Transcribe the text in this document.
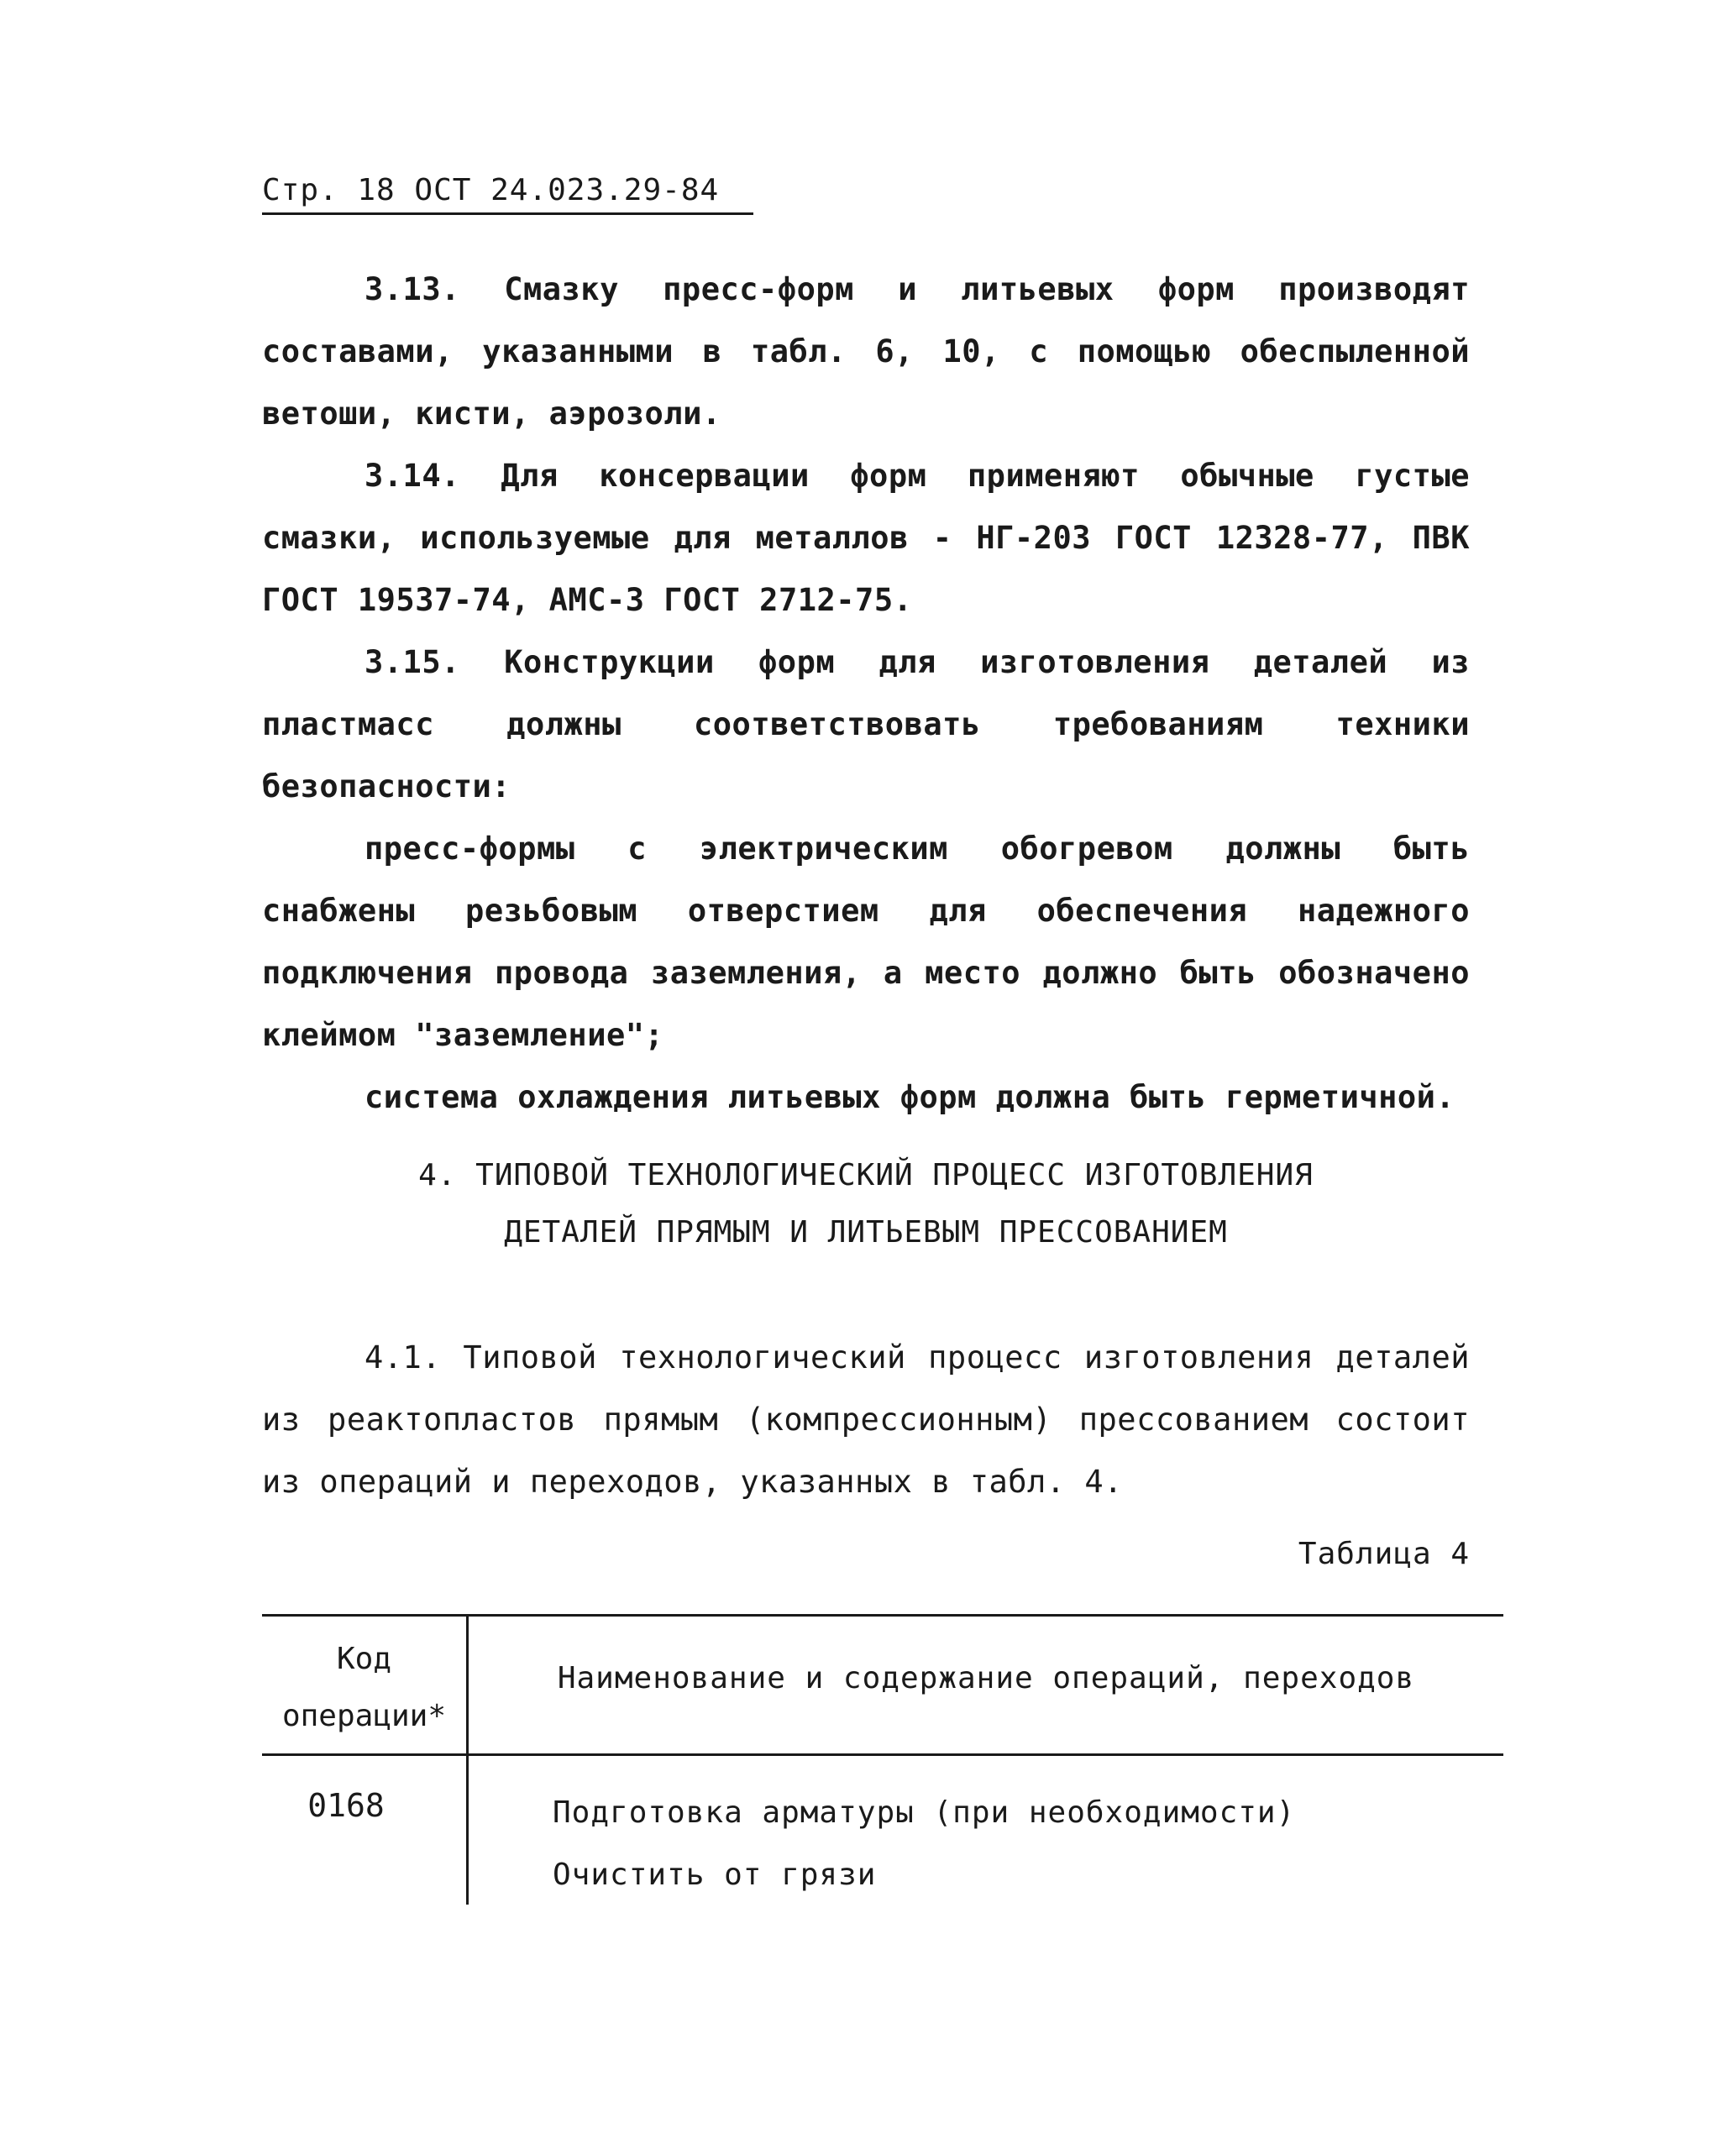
Стр. 18 ОСТ 24.023.29-84

3.13. Смазку пресс-форм и литьевых форм производят составами, указанными в табл. 6, 10, с помощью обеспыленной ветоши, кисти, аэрозоли.

3.14. Для консервации форм применяют обычные густые смазки, используемые для металлов - НГ-203 ГОСТ 12328-77, ПВК ГОСТ 19537-74, АМС-3 ГОСТ 2712-75.

3.15. Конструкции форм для изготовления деталей из пластмасс должны соответствовать требованиям техники безопасности:

пресс-формы с электрическим обогревом должны быть снабжены резьбовым отверстием для обеспечения надежного подключения провода заземления, а место должно быть обозначено клеймом "заземление";

система охлаждения литьевых форм должна быть герметичной.

4. ТИПОВОЙ ТЕХНОЛОГИЧЕСКИЙ ПРОЦЕСС ИЗГОТОВЛЕНИЯ
ДЕТАЛЕЙ ПРЯМЫМ И ЛИТЬЕВЫМ ПРЕССОВАНИЕМ

4.1. Типовой технологический процесс изготовления деталей из реактопластов прямым (компрессионным) прессованием состоит из операций и переходов, указанных в табл. 4.

Таблица 4
Код
операции*
Наименование и содержание операций, переходов
0168	Подготовка арматуры (при необходимости)
Очистить от грязи
